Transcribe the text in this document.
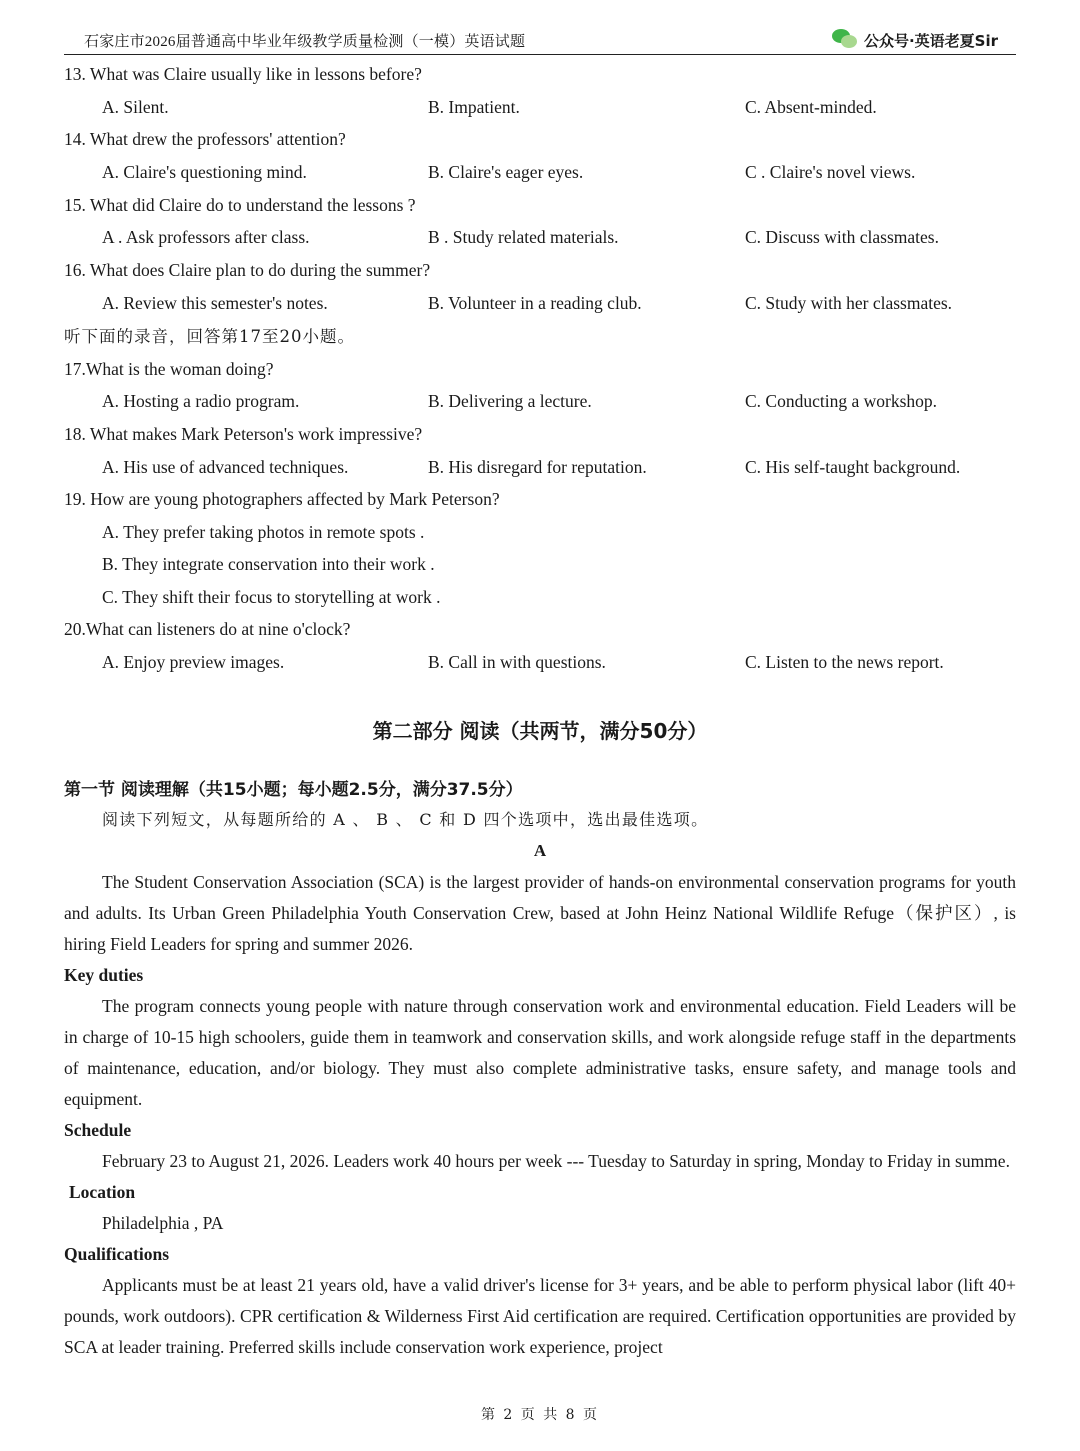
石家庄市2026届普通高中毕业年级教学质量检测（一模）英语试题	公众号·英语老夏Sir
13. What was Claire usually like in lessons before?
A. Silent.	B. Impatient.	C. Absent-minded.
14. What drew the professors' attention?
A. Claire's questioning mind.	B. Claire's eager eyes.	C . Claire's novel views.
15. What did Claire do to understand the lessons ?
A . Ask professors after class.	B . Study related materials.	C. Discuss with classmates.
16. What does Claire plan to do during the summer?
A. Review this semester's notes.	B. Volunteer in a reading club.	C. Study with her classmates.
听下面的录音，回答第17至20小题。
17.What is the woman doing?
A. Hosting a radio program.	B. Delivering a lecture.	C. Conducting a workshop.
18. What makes Mark Peterson's work impressive?
A. His use of advanced techniques.	B. His disregard for reputation.	C. His self-taught background.
19. How are young photographers affected by Mark Peterson?
A. They prefer taking photos in remote spots .
B. They integrate conservation into their work .
C. They shift their focus to storytelling at work .
20.What can listeners do at nine o'clock?
A. Enjoy preview images.	B. Call in with questions.	C. Listen to the news report.
第二部分 阅读（共两节，满分50分）
第一节 阅读理解（共15小题；每小题2.5分，满分37.5分）
阅读下列短文，从每题所给的 A 、 B 、 C 和 D 四个选项中，选出最佳选项。
A

The Student Conservation Association (SCA) is the largest provider of hands-on environmental conservation programs for youth and adults. Its Urban Green Philadelphia Youth Conservation Crew, based at John Heinz National Wildlife Refuge（保护区）, is hiring Field Leaders for spring and summer 2026.

Key duties

The program connects young people with nature through conservation work and environmental education. Field Leaders will be in charge of 10-15 high schoolers, guide them in teamwork and conservation skills, and work alongside refuge staff in the departments of maintenance, education, and/or biology. They must also complete administrative tasks, ensure safety, and manage tools and equipment.

Schedule

February 23 to August 21, 2026. Leaders work 40 hours per week --- Tuesday to Saturday in spring, Monday to Friday in summe.

Location
Philadelphia , PA
Qualifications

Applicants must be at least 21 years old, have a valid driver's license for 3+ years, and be able to perform physical labor (lift 40+ pounds, work outdoors). CPR certification & Wilderness First Aid certification are required. Certification opportunities are provided by SCA at leader training. Preferred skills include conservation work experience, project

第 2 页 共 8 页
